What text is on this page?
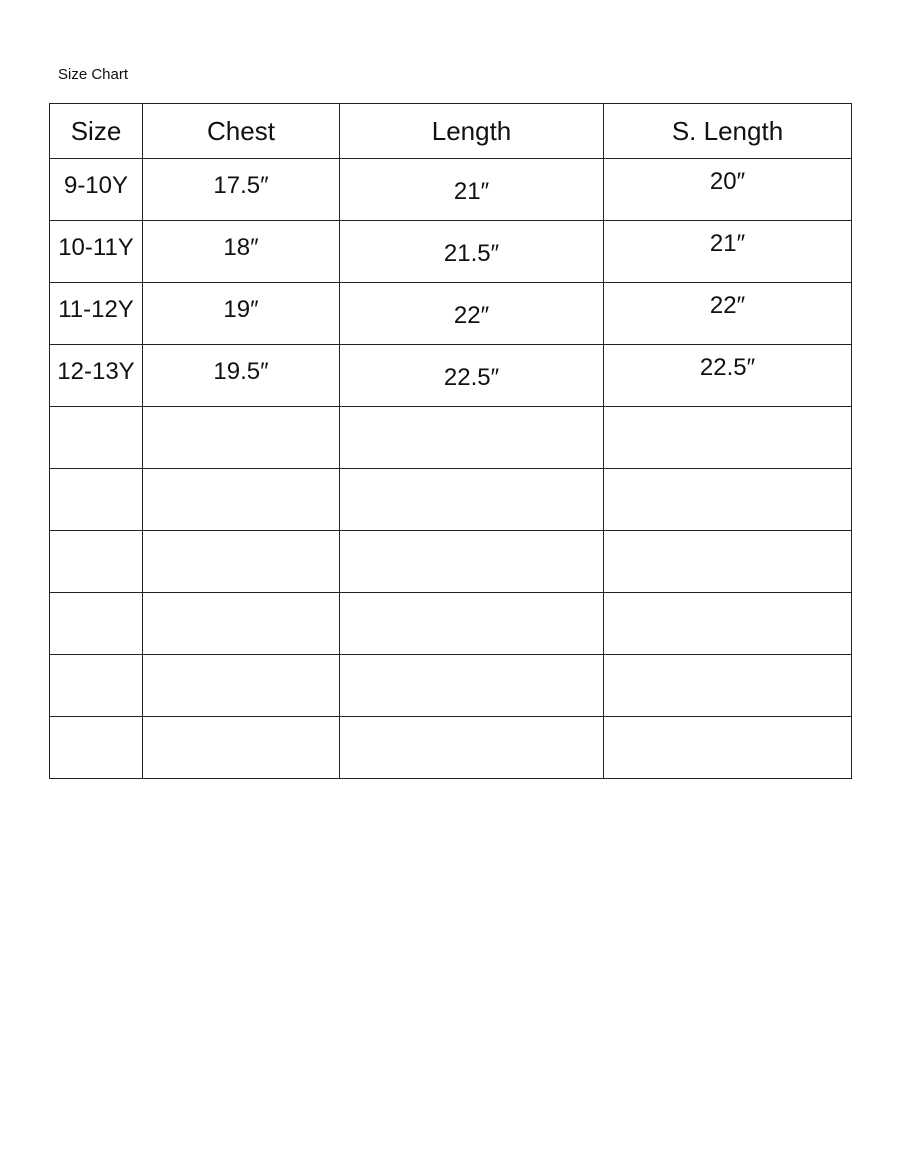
Size Chart
Size	Chest	Length	S. Length
9-10Y	17.5″	21″	20″
10-11Y	18″	21.5″	21″
11-12Y	19″	22″	22″
12-13Y	19.5″	22.5″	22.5″
